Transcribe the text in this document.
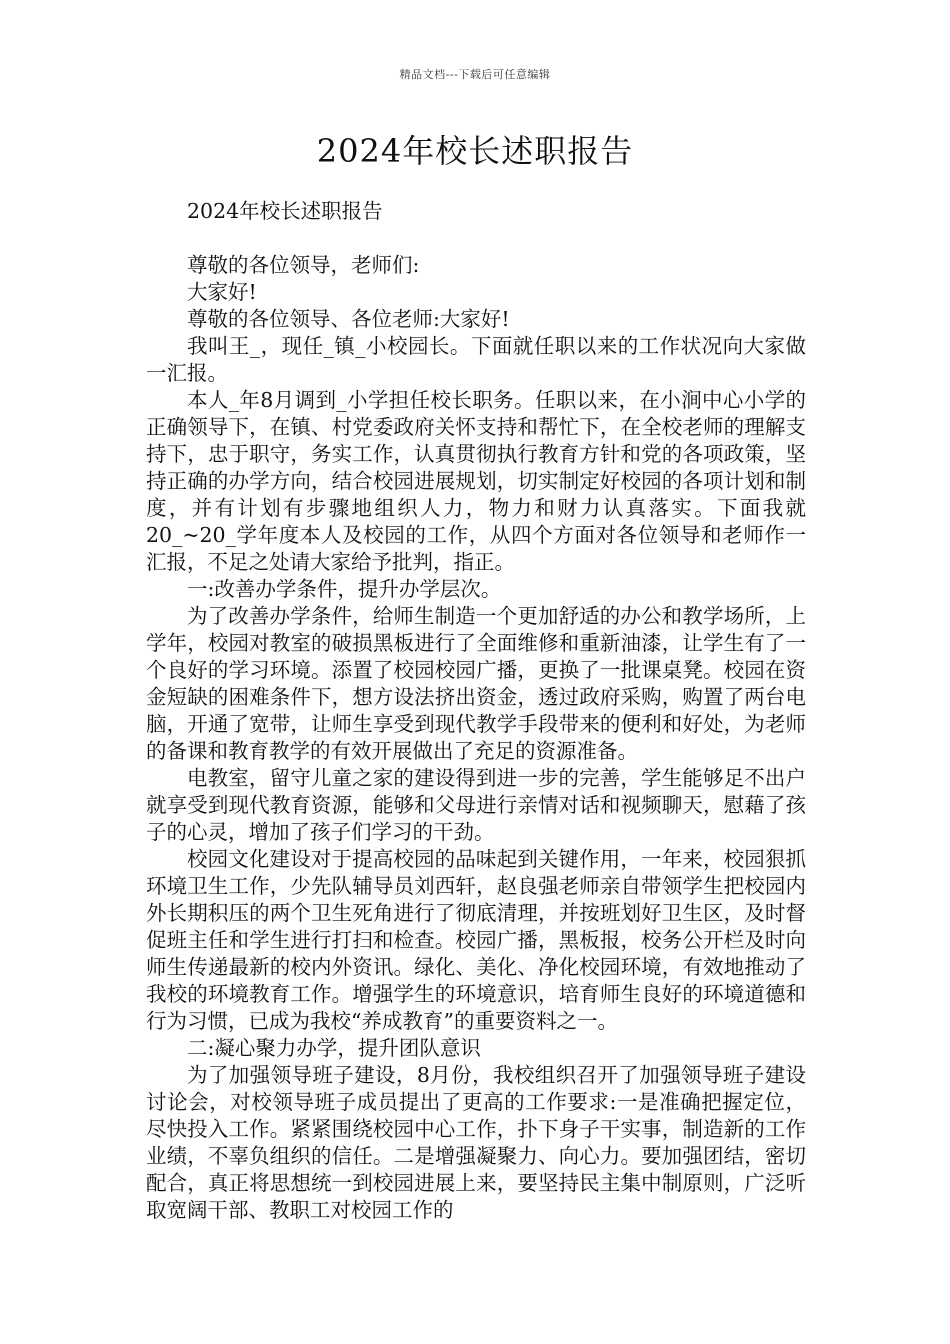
精品文档---下载后可任意编辑
2024年校长述职报告

2024年校长述职报告

尊敬的各位领导，老师们:

大家好!

尊敬的各位领导、各位老师:大家好!

我叫王_，现任_镇_小校园长。下面就任职以来的工作状况向大家做一汇报。

本人_年8月调到_小学担任校长职务。任职以来，在小涧中心小学的正确领导下，在镇、村党委政府关怀支持和帮忙下，在全校老师的理解支持下，忠于职守，务实工作，认真贯彻执行教育方针和党的各项政策，坚持正确的办学方向，结合校园进展规划，切实制定好校园的各项计划和制度，并有计划有步骤地组织人力，物力和财力认真落实。下面我就20_~20_学年度本人及校园的工作，从四个方面对各位领导和老师作一汇报，不足之处请大家给予批判，指正。

一:改善办学条件，提升办学层次。

为了改善办学条件，给师生制造一个更加舒适的办公和教学场所，上学年，校园对教室的破损黑板进行了全面维修和重新油漆，让学生有了一个良好的学习环境。添置了校园校园广播，更换了一批课桌凳。校园在资金短缺的困难条件下，想方设法挤出资金，透过政府采购，购置了两台电脑，开通了宽带，让师生享受到现代教学手段带来的便利和好处，为老师的备课和教育教学的有效开展做出了充足的资源准备。

电教室，留守儿童之家的建设得到进一步的完善，学生能够足不出户就享受到现代教育资源，能够和父母进行亲情对话和视频聊天，慰藉了孩子的心灵，增加了孩子们学习的干劲。

校园文化建设对于提高校园的品味起到关键作用，一年来，校园狠抓环境卫生工作，少先队辅导员刘西轩，赵良强老师亲自带领学生把校园内外长期积压的两个卫生死角进行了彻底清理，并按班划好卫生区，及时督促班主任和学生进行打扫和检查。校园广播，黑板报，校务公开栏及时向师生传递最新的校内外资讯。绿化、美化、净化校园环境，有效地推动了我校的环境教育工作。增强学生的环境意识，培育师生良好的环境道德和行为习惯，已成为我校“养成教育”的重要资料之一。

二:凝心聚力办学，提升团队意识

为了加强领导班子建设，8月份，我校组织召开了加强领导班子建设讨论会，对校领导班子成员提出了更高的工作要求:一是准确把握定位，尽快投入工作。紧紧围绕校园中心工作，扑下身子干实事，制造新的工作业绩，不辜负组织的信任。二是增强凝聚力、向心力。要加强团结，密切配合，真正将思想统一到校园进展上来，要坚持民主集中制原则，广泛听取宽阔干部、教职工对校园工作的
